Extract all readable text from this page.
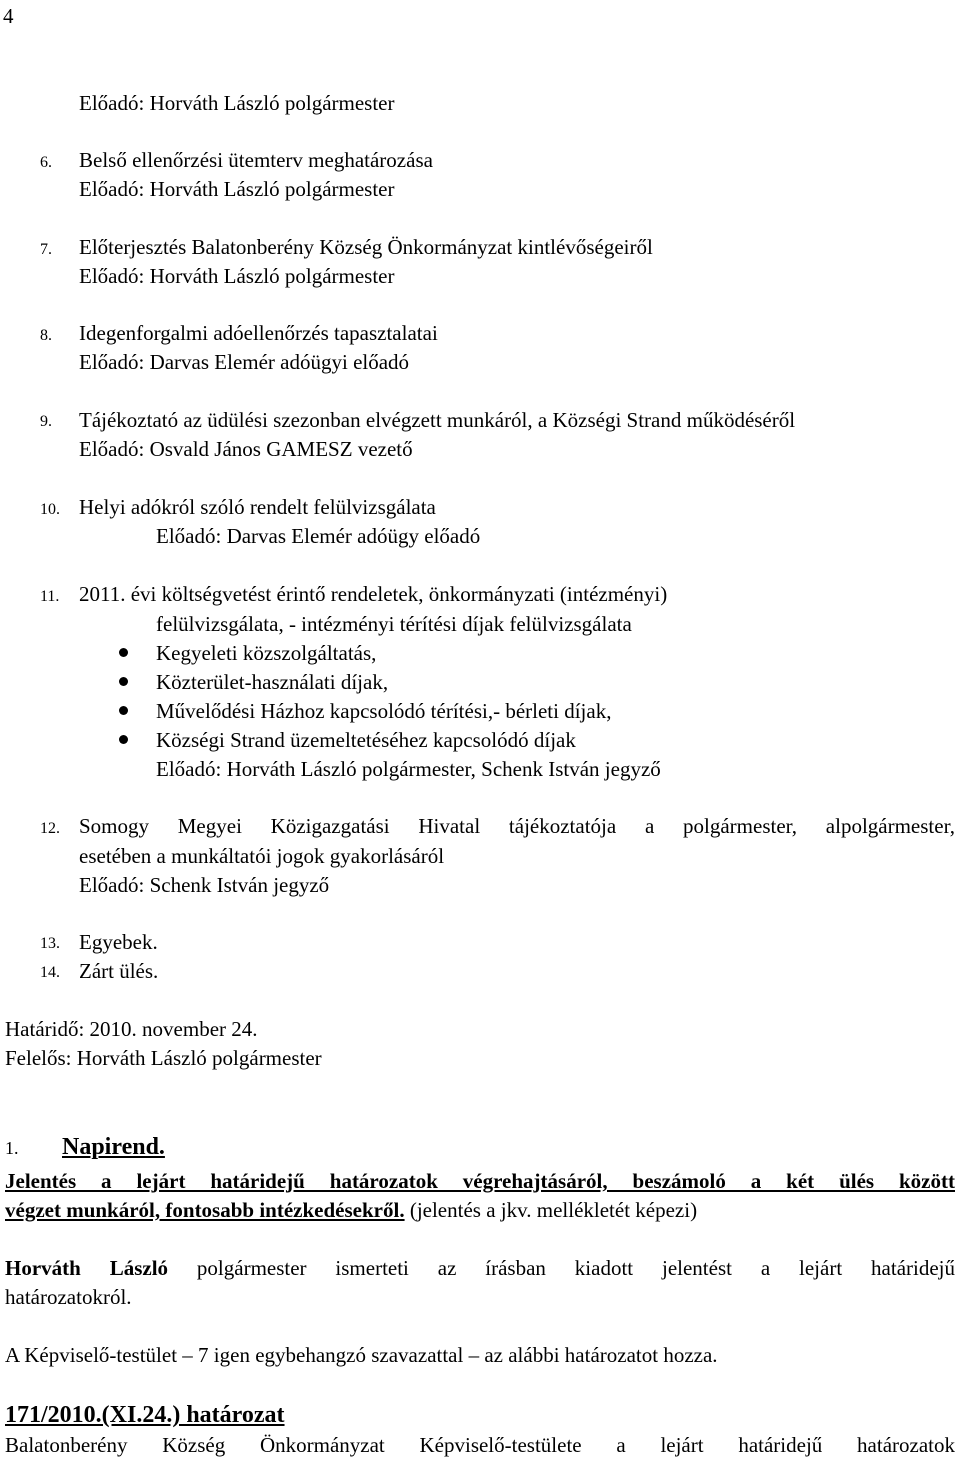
4
Előadó: Horváth László polgármester
6. Belső ellenőrzési ütemterv meghatározása
Előadó: Horváth László polgármester
7. Előterjesztés Balatonberény Község Önkormányzat kintlévőségeiről
Előadó: Horváth László polgármester
8. Idegenforgalmi adóellenőrzés tapasztalatai
Előadó: Darvas Elemér adóügyi előadó
9. Tájékoztató az üdülési szezonban elvégzett munkáról, a Községi Strand működéséről
Előadó: Osvald János GAMESZ vezető
10. Helyi adókról szóló rendelt felülvizsgálata
Előadó: Darvas Elemér adóügy előadó
11. 2011. évi költségvetést érintő rendeletek, önkormányzati (intézményi)
felülvizsgálata, - intézményi térítési díjak felülvizsgálata
Kegyeleti közszolgáltatás,
Közterület-használati díjak,
Művelődési Házhoz kapcsolódó térítési,- bérleti díjak,
Községi Strand üzemeltetéséhez kapcsolódó díjak
Előadó: Horváth László polgármester, Schenk István jegyző
12. Somogy Megyei Közigazgatási Hivatal tájékoztatója a polgármester, alpolgármester,
esetében a munkáltatói jogok gyakorlásáról
Előadó: Schenk István jegyző
13. Egyebek.
14. Zárt ülés.
Határidő: 2010. november 24.
Felelős: Horváth László polgármester
1. Napirend.
Jelentés a lejárt határidejű határozatok végrehajtásáról, beszámoló a két ülés között
végzet munkáról, fontosabb intézkedésekről. (jelentés a jkv. mellékletét képezi)
Horváth László polgármester ismerteti az írásban kiadott jelentést a lejárt határidejű
határozatokról.
A Képviselő-testület – 7 igen egybehangzó szavazattal – az alábbi határozatot hozza.
171/2010.(XI.24.) határozat
Balatonberény Község Önkormányzat Képviselő-testülete a lejárt határidejű határozatok
